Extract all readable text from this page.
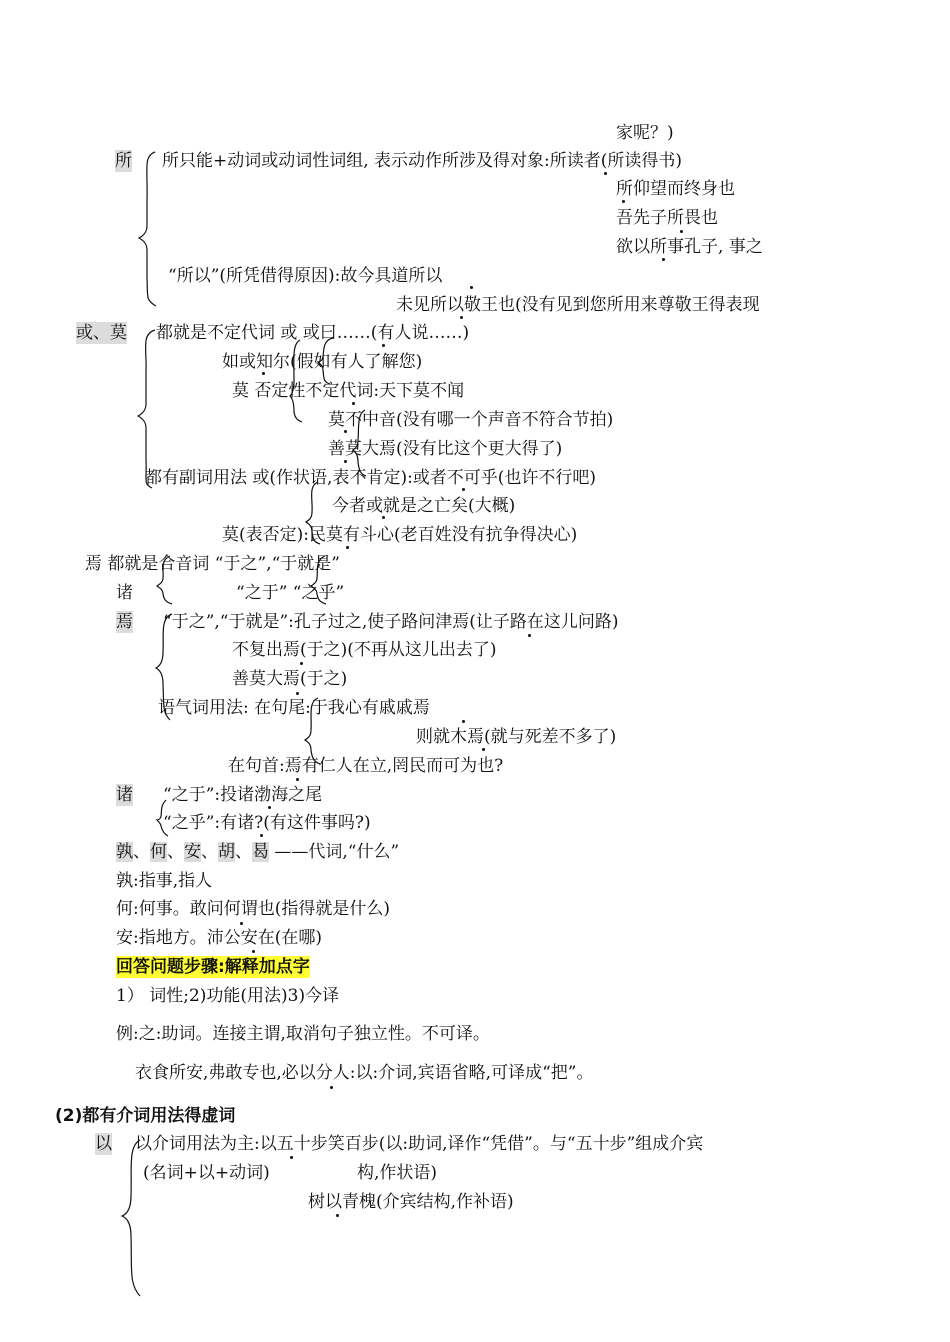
家呢？)
所 所只能+动词或动词性词组, 表示动作所涉及得对象:所读者(所读得书)
所仰望而终身也
吾先子所畏也
欲以所事孔子, 事之
“所以”(所凭借得原因):故今具道所以
未见所以敬王也(没有见到您所用来尊敬王得表现
或、莫 都就是不定代词 或 或曰……(有人说……)
如或知尔(假如有人了解您)
莫 否定性不定代词:天下莫不闻
莫不中音(没有哪一个声音不符合节拍)
善莫大焉(没有比这个更大得了)
都有副词用法 或(作状语,表不肯定):或者不可乎(也许不行吧)
今者或就是之亡矣(大概)
莫(表否定):民莫有斗心(老百姓没有抗争得决心)
焉 都就是合音词 “于之”,“于就是”
诸	“之于” “之乎”
焉 “于之”,“于就是”:孔子过之,使子路问津焉(让子路在这儿问路)
不复出焉(于之)(不再从这儿出去了)
善莫大焉(于之)
语气词用法: 在句尾:于我心有戚戚焉
则就木焉(就与死差不多了)
在句首:焉有仁人在立,罔民而可为也?
诸 “之于”:投诸渤海之尾
“之乎”:有诸?(有这件事吗?)
孰、何、安、胡、曷 ——代词,“什么”
孰:指事,指人
何:何事。敢问何谓也(指得就是什么)
安:指地方。沛公安在(在哪)
回答问题步骤:解释加点字
1） 词性;2)功能(用法)3)今译
例:之:助词。连接主谓,取消句子独立性。不可译。
衣食所安,弗敢专也,必以分人:以:介词,宾语省略,可译成“把”。
(2)都有介词用法得虚词
以 以介词用法为主:以五十步笑百步(以:助词,译作“凭借”。与“五十步”组成介宾
(名词+以+动词)	构,作状语)
树以青槐(介宾结构,作补语)
